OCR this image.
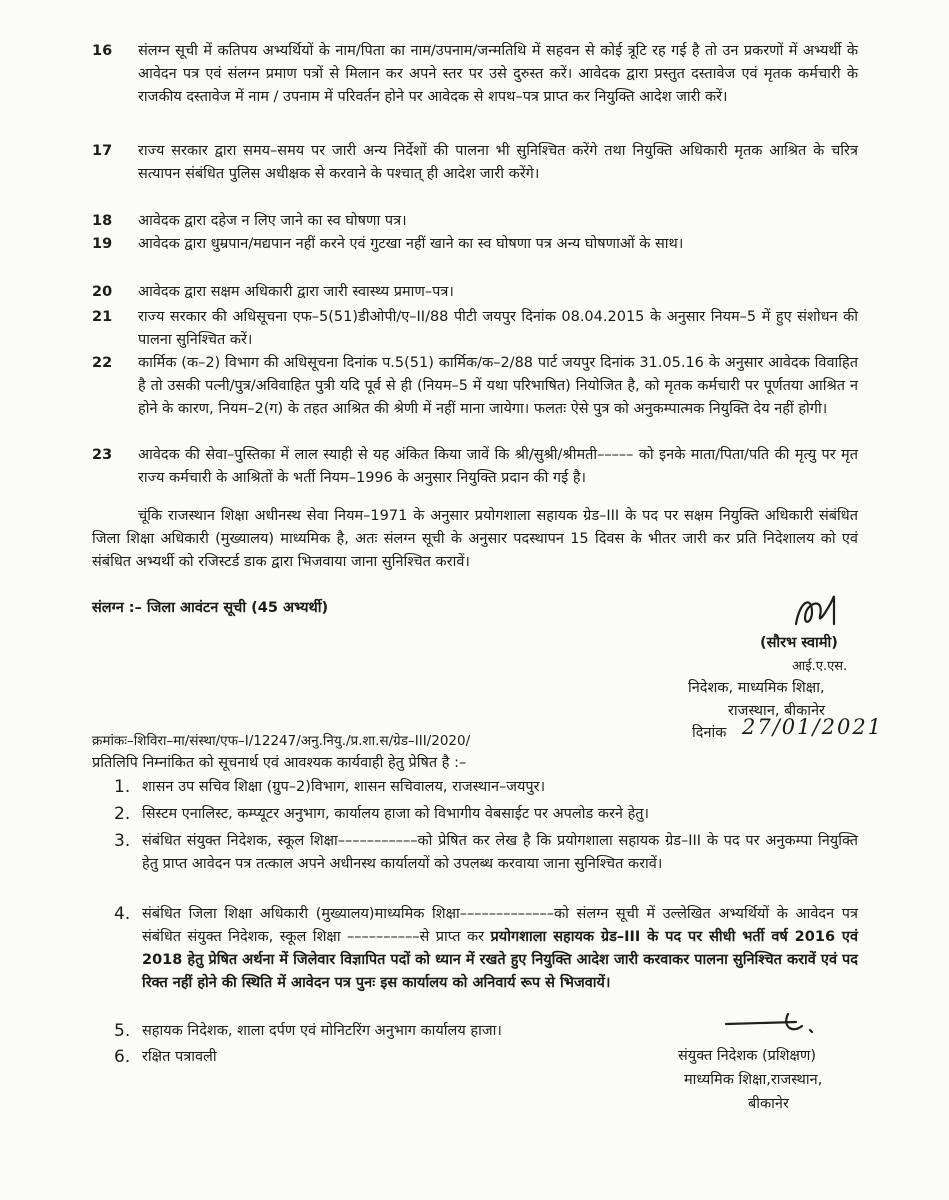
16 संलग्न सूची में कतिपय अभ्यर्थियों के नाम/पिता का नाम/उपनाम/जन्मतिथि में सहवन से कोई त्रूटि रह गई है तो उन प्रकरणों में अभ्यर्थी के आवेदन पत्र एवं संलग्न प्रमाण पत्रों से मिलान कर अपने स्तर पर उसे दुरुस्त करें। आवेदक द्वारा प्रस्तुत दस्तावेज एवं मृतक कर्मचारी के राजकीय दस्तावेज में नाम / उपनाम में परिवर्तन होने पर आवेदक से शपथ–पत्र प्राप्त कर नियुक्ति आदेश जारी करें।
17 राज्य सरकार द्वारा समय–समय पर जारी अन्य निर्देशों की पालना भी सुनिश्चित करेंगे तथा नियुक्ति अधिकारी मृतक आश्रित के चरित्र सत्यापन संबंधित पुलिस अधीक्षक से करवाने के पश्चात् ही आदेश जारी करेंगे।
18 आवेदक द्वारा दहेज न लिए जाने का स्व घोषणा पत्र।
19 आवेदक द्वारा धुम्रपान/मद्यपान नहीं करने एवं गुटखा नहीं खाने का स्व घोषणा पत्र अन्य घोषणाओं के साथ।
20 आवेदक द्वारा सक्षम अधिकारी द्वारा जारी स्वास्थ्य प्रमाण–पत्र।
21 राज्य सरकार की अधिसूचना एफ–5(51)डीओपी/ए–II/88 पीटी जयपुर दिनांक 08.04.2015 के अनुसार नियम–5 में हुए संशोधन की पालना सुनिश्चित करें।
22 कार्मिक (क–2) विभाग की अधिसूचना दिनांक प.5(51) कार्मिक/क–2/88 पार्ट जयपुर दिनांक 31.05.16 के अनुसार आवेदक विवाहित है तो उसकी पत्नी/पुत्र/अविवाहित पुत्री यदि पूर्व से ही (नियम–5 में यथा परिभाषित) नियोजित है, को मृतक कर्मचारी पर पूर्णतया आश्रित न होने के कारण, नियम–2(ग) के तहत आश्रित की श्रेणी में नहीं माना जायेगा। फलतः ऐसे पुत्र को अनुकम्पात्मक नियुक्ति देय नहीं होगी।
23 आवेदक की सेवा–पुस्तिका में लाल स्याही से यह अंकित किया जावें कि श्री/सुश्री/श्रीमती––––– को इनके माता/पिता/पति की मृत्यु पर मृत राज्य कर्मचारी के आश्रितों के भर्ती नियम–1996 के अनुसार नियुक्ति प्रदान की गई है।
चूंकि राजस्थान शिक्षा अधीनस्थ सेवा नियम–1971 के अनुसार प्रयोगशाला सहायक ग्रेड–III के पद पर सक्षम नियुक्ति अधिकारी संबंधित जिला शिक्षा अधिकारी (मुख्यालय) माध्यमिक है, अतः संलग्न सूची के अनुसार पदस्थापन 15 दिवस के भीतर जारी कर प्रति निदेशालय को एवं संबंधित अभ्यर्थी को रजिस्टर्ड डाक द्वारा भिजवाया जाना सुनिश्चित करावें।
संलग्न :– जिला आवंटन सूची (45 अभ्यर्थी)
(सौरभ स्वामी)
आई.ए.एस.
निदेशक, माध्यमिक शिक्षा,
राजस्थान, बीकानेर
क्रमांकः–शिविरा–मा/संस्था/एफ–I/12247/अनु.नियु./प्र.शा.स/ग्रेड–III/2020/	दिनांक 27/01/2021
प्रतिलिपि निम्नांकित को सूचनार्थ एवं आवश्यक कार्यवाही हेतु प्रेषित है :–
1. शासन उप सचिव शिक्षा (ग्रुप–2)विभाग, शासन सचिवालय, राजस्थान–जयपुर।
2. सिस्टम एनालिस्ट, कम्प्यूटर अनुभाग, कार्यालय हाजा को विभागीय वेबसाईट पर अपलोड करने हेतु।
3. संबंधित संयुक्त निदेशक, स्कूल शिक्षा–––––––––––को प्रेषित कर लेख है कि प्रयोगशाला सहायक ग्रेड–III के पद पर अनुकम्पा नियुक्ति हेतु प्राप्त आवेदन पत्र तत्काल अपने अधीनस्थ कार्यालयों को उपलब्ध करवाया जाना सुनिश्चित करावें।
4. संबंधित जिला शिक्षा अधिकारी (मुख्यालय)माध्यमिक शिक्षा–––––––––––––को संलग्न सूची में उल्लेखित अभ्यर्थियों के आवेदन पत्र संबंधित संयुक्त निदेशक, स्कूल शिक्षा ––––––––––से प्राप्त कर प्रयोगशाला सहायक ग्रेड–III के पद पर सीधी भर्ती वर्ष 2016 एवं 2018 हेतु प्रेषित अर्थना में जिलेवार विज्ञापित पदों को ध्यान में रखते हुए नियुक्ति आदेश जारी करवाकर पालना सुनिश्चित करावें एवं पद रिक्त नहीं होने की स्थिति में आवेदन पत्र पुनः इस कार्यालय को अनिवार्य रूप से भिजवायें।
5. सहायक निदेशक, शाला दर्पण एवं मोनिटरिंग अनुभाग कार्यालय हाजा।
6. रक्षित पत्रावली	संयुक्त निदेशक (प्रशिक्षण)
माध्यमिक शिक्षा,राजस्थान,
बीकानेर
